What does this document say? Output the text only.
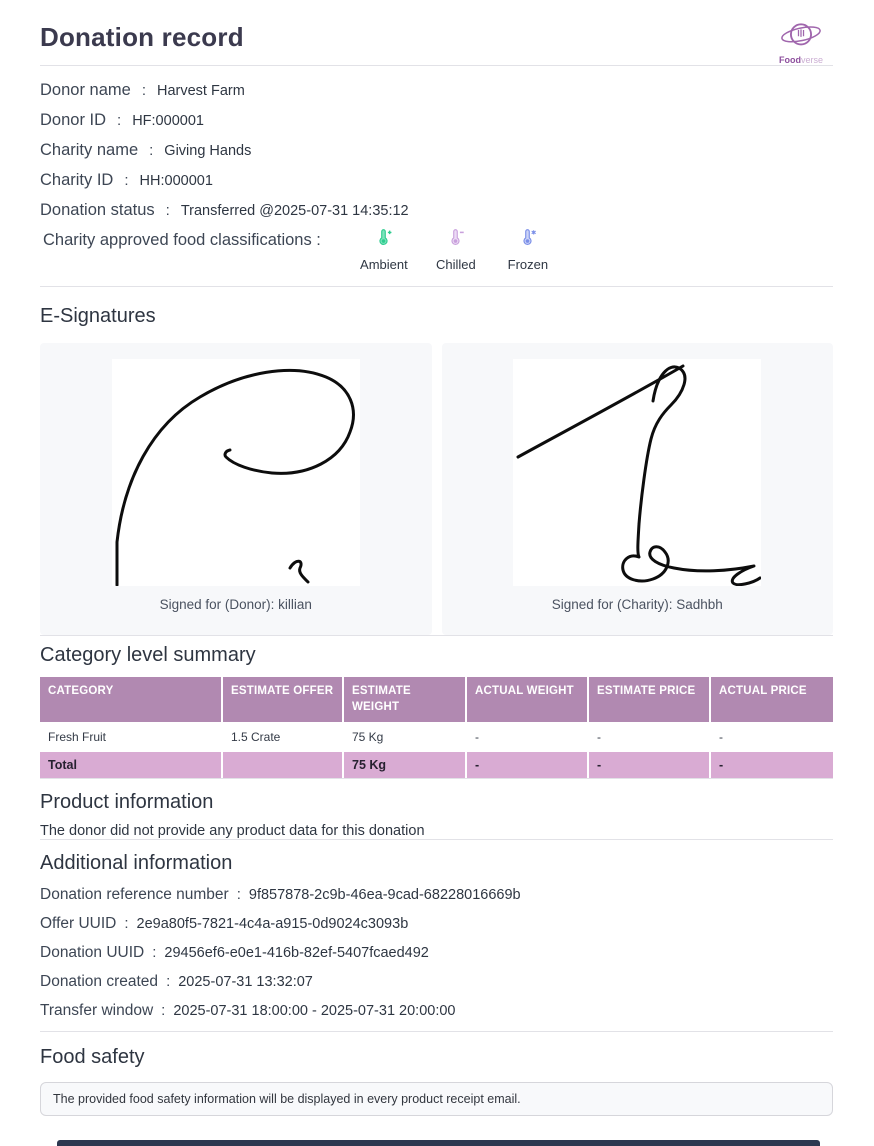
Donation record
Foodverse
Donor name : Harvest Farm
Donor ID : HF:000001
Charity name : Giving Hands
Charity ID : HH:000001
Donation status : Transferred @2025-07-31 14:35:12
Charity approved food classifications :
Ambient Chilled Frozen
E-Signatures
Signed for (Donor): killian	Signed for (Charity): Sadhbh
Category level summary
CATEGORY	ESTIMATE OFFER	ESTIMATE WEIGHT	ACTUAL WEIGHT	ESTIMATE PRICE	ACTUAL PRICE
Fresh Fruit	1.5 Crate	75 Kg	-	-	-
Total		75 Kg	-	-	-
Product information
The donor did not provide any product data for this donation
Additional information
Donation reference number : 9f857878-2c9b-46ea-9cad-68228016669b
Offer UUID : 2e9a80f5-7821-4c4a-a915-0d9024c3093b
Donation UUID : 29456ef6-e0e1-416b-82ef-5407fcaed492
Donation created : 2025-07-31 13:32:07
Transfer window : 2025-07-31 18:00:00 - 2025-07-31 20:00:00
Food safety
The provided food safety information will be displayed in every product receipt email.
